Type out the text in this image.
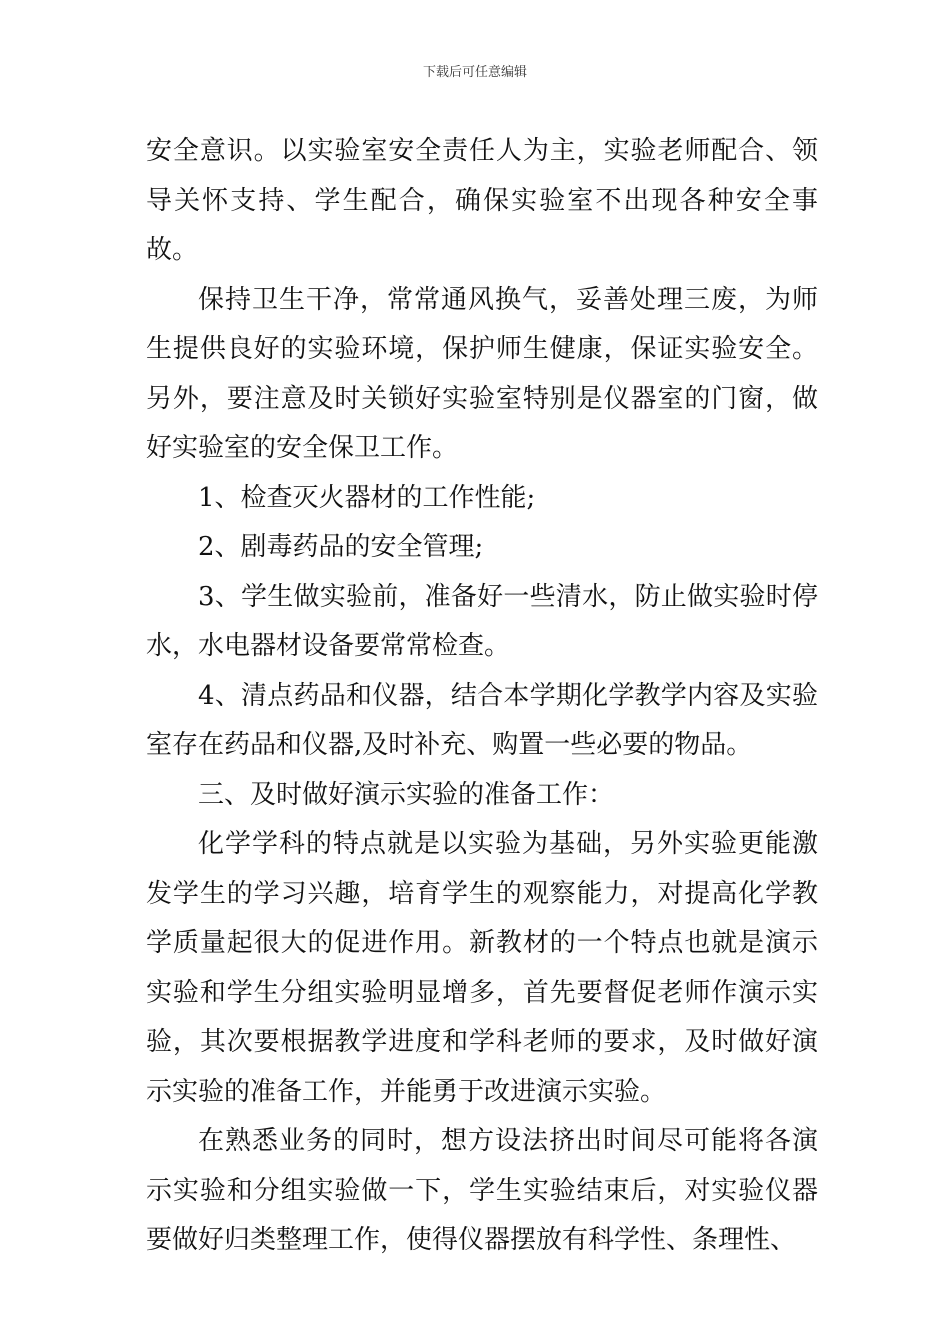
下载后可任意编辑

安全意识。以实验室安全责任人为主，实验老师配合、领导关怀支持、学生配合，确保实验室不出现各种安全事故。

保持卫生干净，常常通风换气，妥善处理三废，为师生提供良好的实验环境，保护师生健康，保证实验安全。另外，要注意及时关锁好实验室特别是仪器室的门窗，做好实验室的安全保卫工作。

1、检查灭火器材的工作性能;

2、剧毒药品的安全管理;

3、学生做实验前，准备好一些清水，防止做实验时停水，水电器材设备要常常检查。

4、清点药品和仪器，结合本学期化学教学内容及实验室存在药品和仪器,及时补充、购置一些必要的物品。

三、及时做好演示实验的准备工作：

化学学科的特点就是以实验为基础，另外实验更能激发学生的学习兴趣，培育学生的观察能力，对提高化学教学质量起很大的促进作用。新教材的一个特点也就是演示实验和学生分组实验明显增多，首先要督促老师作演示实验，其次要根据教学进度和学科老师的要求，及时做好演示实验的准备工作，并能勇于改进演示实验。

在熟悉业务的同时，想方设法挤出时间尽可能将各演示实验和分组实验做一下，学生实验结束后，对实验仪器要做好归类整理工作，使得仪器摆放有科学性、条理性、
